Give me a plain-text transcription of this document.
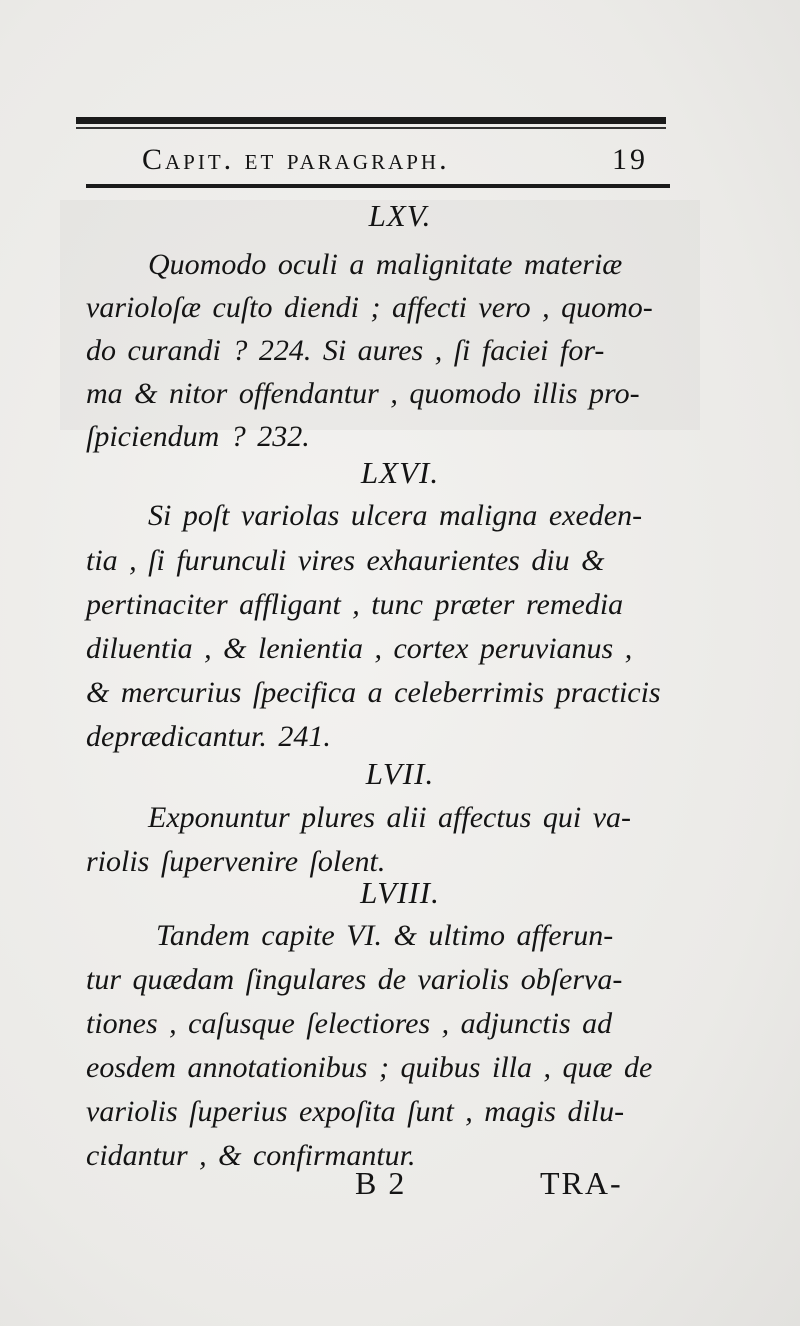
Capit. et paragraph.	19
LXV.
Quomodo oculi a malignitate materiæ
varioloſæ cuſto diendi ; affecti vero , quomo-
do curandi ? 224. Si aures , ſi faciei for-
ma & nitor offendantur , quomodo illis pro-
ſpiciendum ? 232.
LXVI.
Si poſt variolas ulcera maligna exeden-
tia , ſi furunculi vires exhaurientes diu &
pertinaciter affligant , tunc præter remedia
diluentia , & lenientia , cortex peruvianus ,
& mercurius ſpecifica a celeberrimis practicis
deprædicantur. 241.
LVII.
Exponuntur plures alii affectus qui va-
riolis ſupervenire ſolent.
LVIII.
Tandem capite VI. & ultimo afferun-
tur quædam ſingulares de variolis obſerva-
tiones , caſusque ſelectiores , adjunctis ad
eosdem annotationibus ; quibus illa , quæ de
variolis ſuperius expoſita ſunt , magis dilu-
cidantur , & confirmantur.
B 2	TRA-
